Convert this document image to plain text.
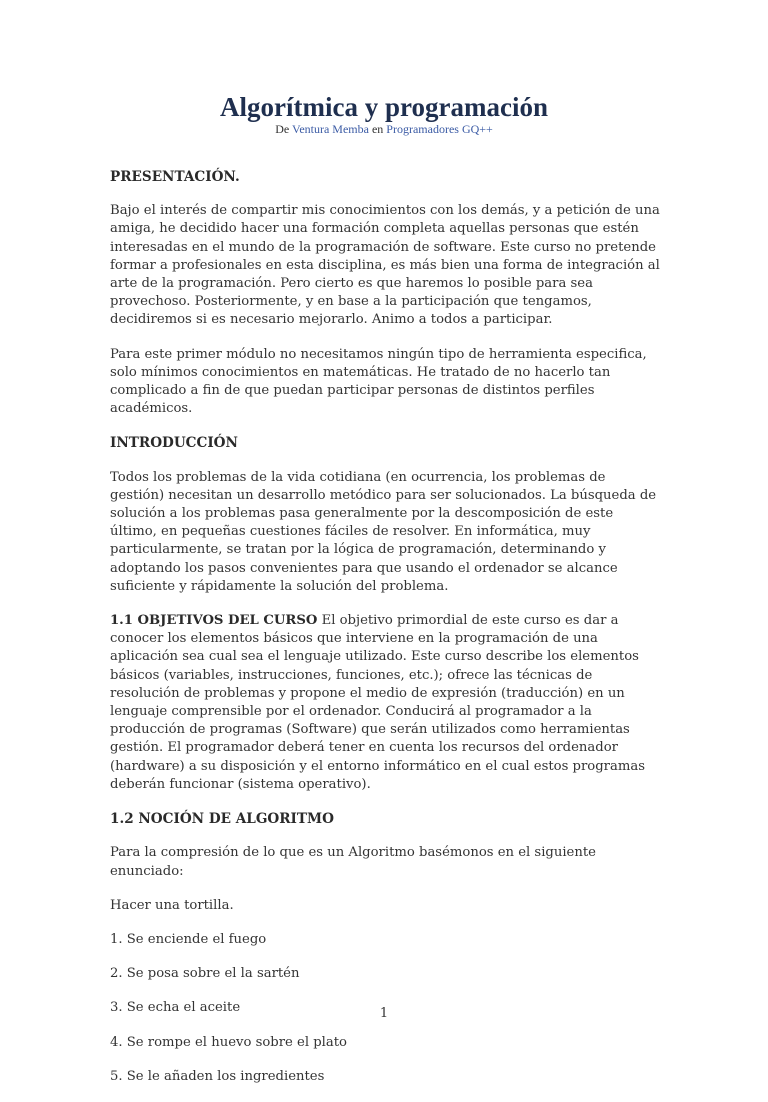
Algorítmica y programación
De Ventura Memba en Programadores GQ++

PRESENTACIÓN.

Bajo el interés de compartir mis conocimientos con los demás, y a petición de una amiga, he decidido hacer una formación completa aquellas personas que estén interesadas en el mundo de la programación de software. Este curso no pretende formar a profesionales en esta disciplina, es más bien una forma de integración al arte de la programación. Pero cierto es que haremos lo posible para sea provechoso. Posteriormente, y en base a la participación que tengamos, decidiremos si es necesario mejorarlo. Animo a todos a participar.

Para este primer módulo no necesitamos ningún tipo de herramienta especifica, solo mínimos conocimientos en matemáticas. He tratado de no hacerlo tan complicado a fin de que puedan participar personas de distintos perfiles académicos.

INTRODUCCIÓN

Todos los problemas de la vida cotidiana (en ocurrencia, los problemas de gestión) necesitan un desarrollo metódico para ser solucionados. La búsqueda de solución a los problemas pasa generalmente por la descomposición de este último, en pequeñas cuestiones fáciles de resolver. En informática, muy particularmente, se tratan por la lógica de programación, determinando y adoptando los pasos convenientes para que usando el ordenador se alcance suficiente y rápidamente la solución del problema.

1.1 OBJETIVOS DEL CURSO El objetivo primordial de este curso es dar a conocer los elementos básicos que interviene en la programación de una aplicación sea cual sea el lenguaje utilizado. Este curso describe los elementos básicos (variables, instrucciones, funciones, etc.); ofrece las técnicas de resolución de problemas y propone el medio de expresión (traducción) en un lenguaje comprensible por el ordenador. Conducirá al programador a la producción de programas (Software) que serán utilizados como herramientas gestión. El programador deberá tener en cuenta los recursos del ordenador (hardware) a su disposición y el entorno informático en el cual estos programas deberán funcionar (sistema operativo).

1.2 NOCIÓN DE ALGORITMO

Para la compresión de lo que es un Algoritmo basémonos en el siguiente enunciado:

Hacer una tortilla.

1. Se enciende el fuego

2. Se posa sobre el la sartén

3. Se echa el aceite

4. Se rompe el huevo sobre el plato

5. Se le añaden los ingredientes

1
